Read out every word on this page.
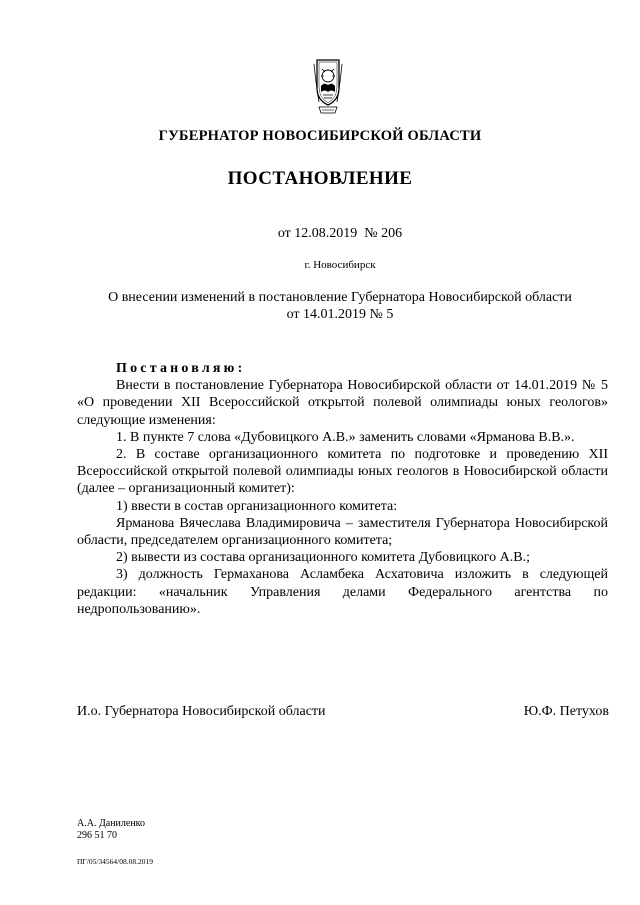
ГУБЕРНАТОР НОВОСИБИРСКОЙ ОБЛАСТИ
ПОСТАНОВЛЕНИЕ
от 12.08.2019  № 206
г. Новосибирск
О внесении изменений в постановление Губернатора Новосибирской области
от 14.01.2019 № 5

Постановляю:

Внести в постановление Губернатора Новосибирской области от 14.01.2019 № 5 «О проведении XII Всероссийской открытой полевой олимпиады юных геологов» следующие изменения:

1. В пункте 7 слова «Дубовицкого А.В.» заменить словами «Ярманова В.В.».

2. В составе организационного комитета по подготовке и проведению XII Всероссийской открытой полевой олимпиады юных геологов в Новосибирской области (далее – организационный комитет):

1) ввести в состав организационного комитета:

Ярманова Вячеслава Владимировича – заместителя Губернатора Новосибирской области, председателем организационного комитета;

2) вывести из состава организационного комитета Дубовицкого А.В.;

3) должность Гермаханова Асламбека Асхатовича изложить в следующей редакции: «начальник Управления делами Федерального агентства по недропользованию».

И.о. Губернатора Новосибирской области	Ю.Ф. Петухов
А.А. Даниленко
296 51 70
ПГ/05/34564/08.08.2019
